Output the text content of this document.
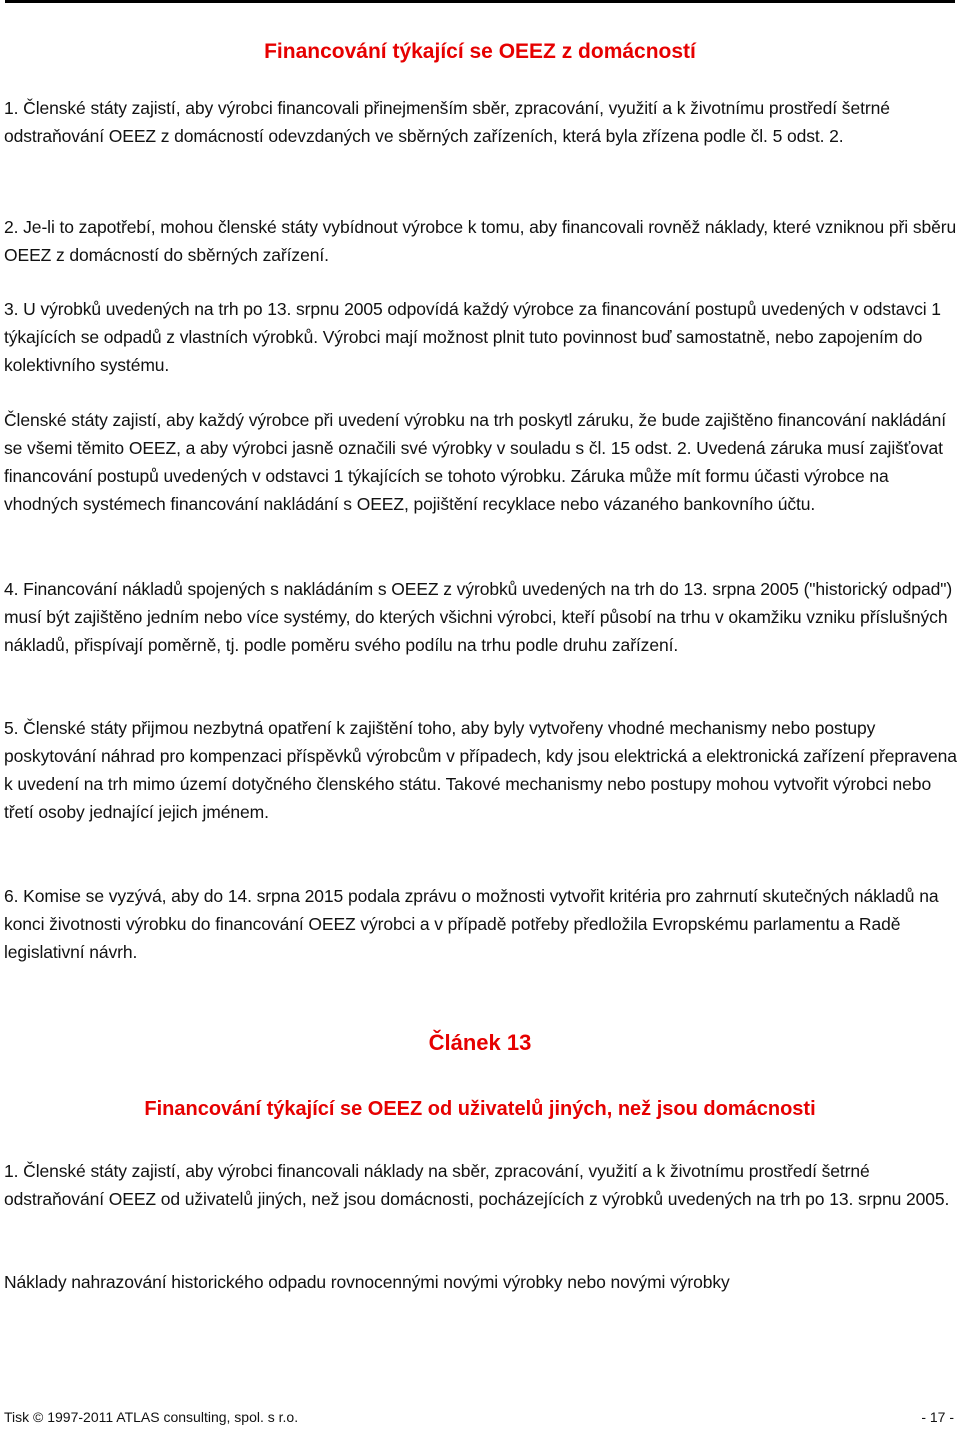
Financování týkající se OEEZ z domácností

1. Členské státy zajistí, aby výrobci financovali přinejmenším sběr, zpracování, využití a k životnímu prostředí šetrné odstraňování OEEZ z domácností odevzdaných ve sběrných zařízeních, která byla zřízena podle čl. 5 odst. 2.

2. Je-li to zapotřebí, mohou členské státy vybídnout výrobce k tomu, aby financovali rovněž náklady, které vzniknou při sběru OEEZ z domácností do sběrných zařízení.

3. U výrobků uvedených na trh po 13. srpnu 2005 odpovídá každý výrobce za financování postupů uvedených v odstavci 1 týkajících se odpadů z vlastních výrobků. Výrobci mají možnost plnit tuto povinnost buď samostatně, nebo zapojením do kolektivního systému.

Členské státy zajistí, aby každý výrobce při uvedení výrobku na trh poskytl záruku, že bude zajištěno financování nakládání se všemi těmito OEEZ, a aby výrobci jasně označili své výrobky v souladu s čl. 15 odst. 2. Uvedená záruka musí zajišťovat financování postupů uvedených v odstavci 1 týkajících se tohoto výrobku. Záruka může mít formu účasti výrobce na vhodných systémech financování nakládání s OEEZ, pojištění recyklace nebo vázaného bankovního účtu.

4. Financování nákladů spojených s nakládáním s OEEZ z výrobků uvedených na trh do 13. srpna 2005 ("historický odpad") musí být zajištěno jedním nebo více systémy, do kterých všichni výrobci, kteří působí na trhu v okamžiku vzniku příslušných nákladů, přispívají poměrně, tj. podle poměru svého podílu na trhu podle druhu zařízení.

5. Členské státy přijmou nezbytná opatření k zajištění toho, aby byly vytvořeny vhodné mechanismy nebo postupy poskytování náhrad pro kompenzaci příspěvků výrobcům v případech, kdy jsou elektrická a elektronická zařízení přepravena k uvedení na trh mimo území dotyčného členského státu. Takové mechanismy nebo postupy mohou vytvořit výrobci nebo třetí osoby jednající jejich jménem.

6. Komise se vyzývá, aby do 14. srpna 2015 podala zprávu o možnosti vytvořit kritéria pro zahrnutí skutečných nákladů na konci životnosti výrobku do financování OEEZ výrobci a v případě potřeby předložila Evropskému parlamentu a Radě legislativní návrh.

Článek 13
Financování týkající se OEEZ od uživatelů jiných, než jsou domácnosti

1. Členské státy zajistí, aby výrobci financovali náklady na sběr, zpracování, využití a k životnímu prostředí šetrné odstraňování OEEZ od uživatelů jiných, než jsou domácnosti, pocházejících z výrobků uvedených na trh po 13. srpnu 2005.

Náklady nahrazování historického odpadu rovnocennými novými výrobky nebo novými výrobky

Tisk © 1997-2011 ATLAS consulting, spol. s r.o.	- 17 -
